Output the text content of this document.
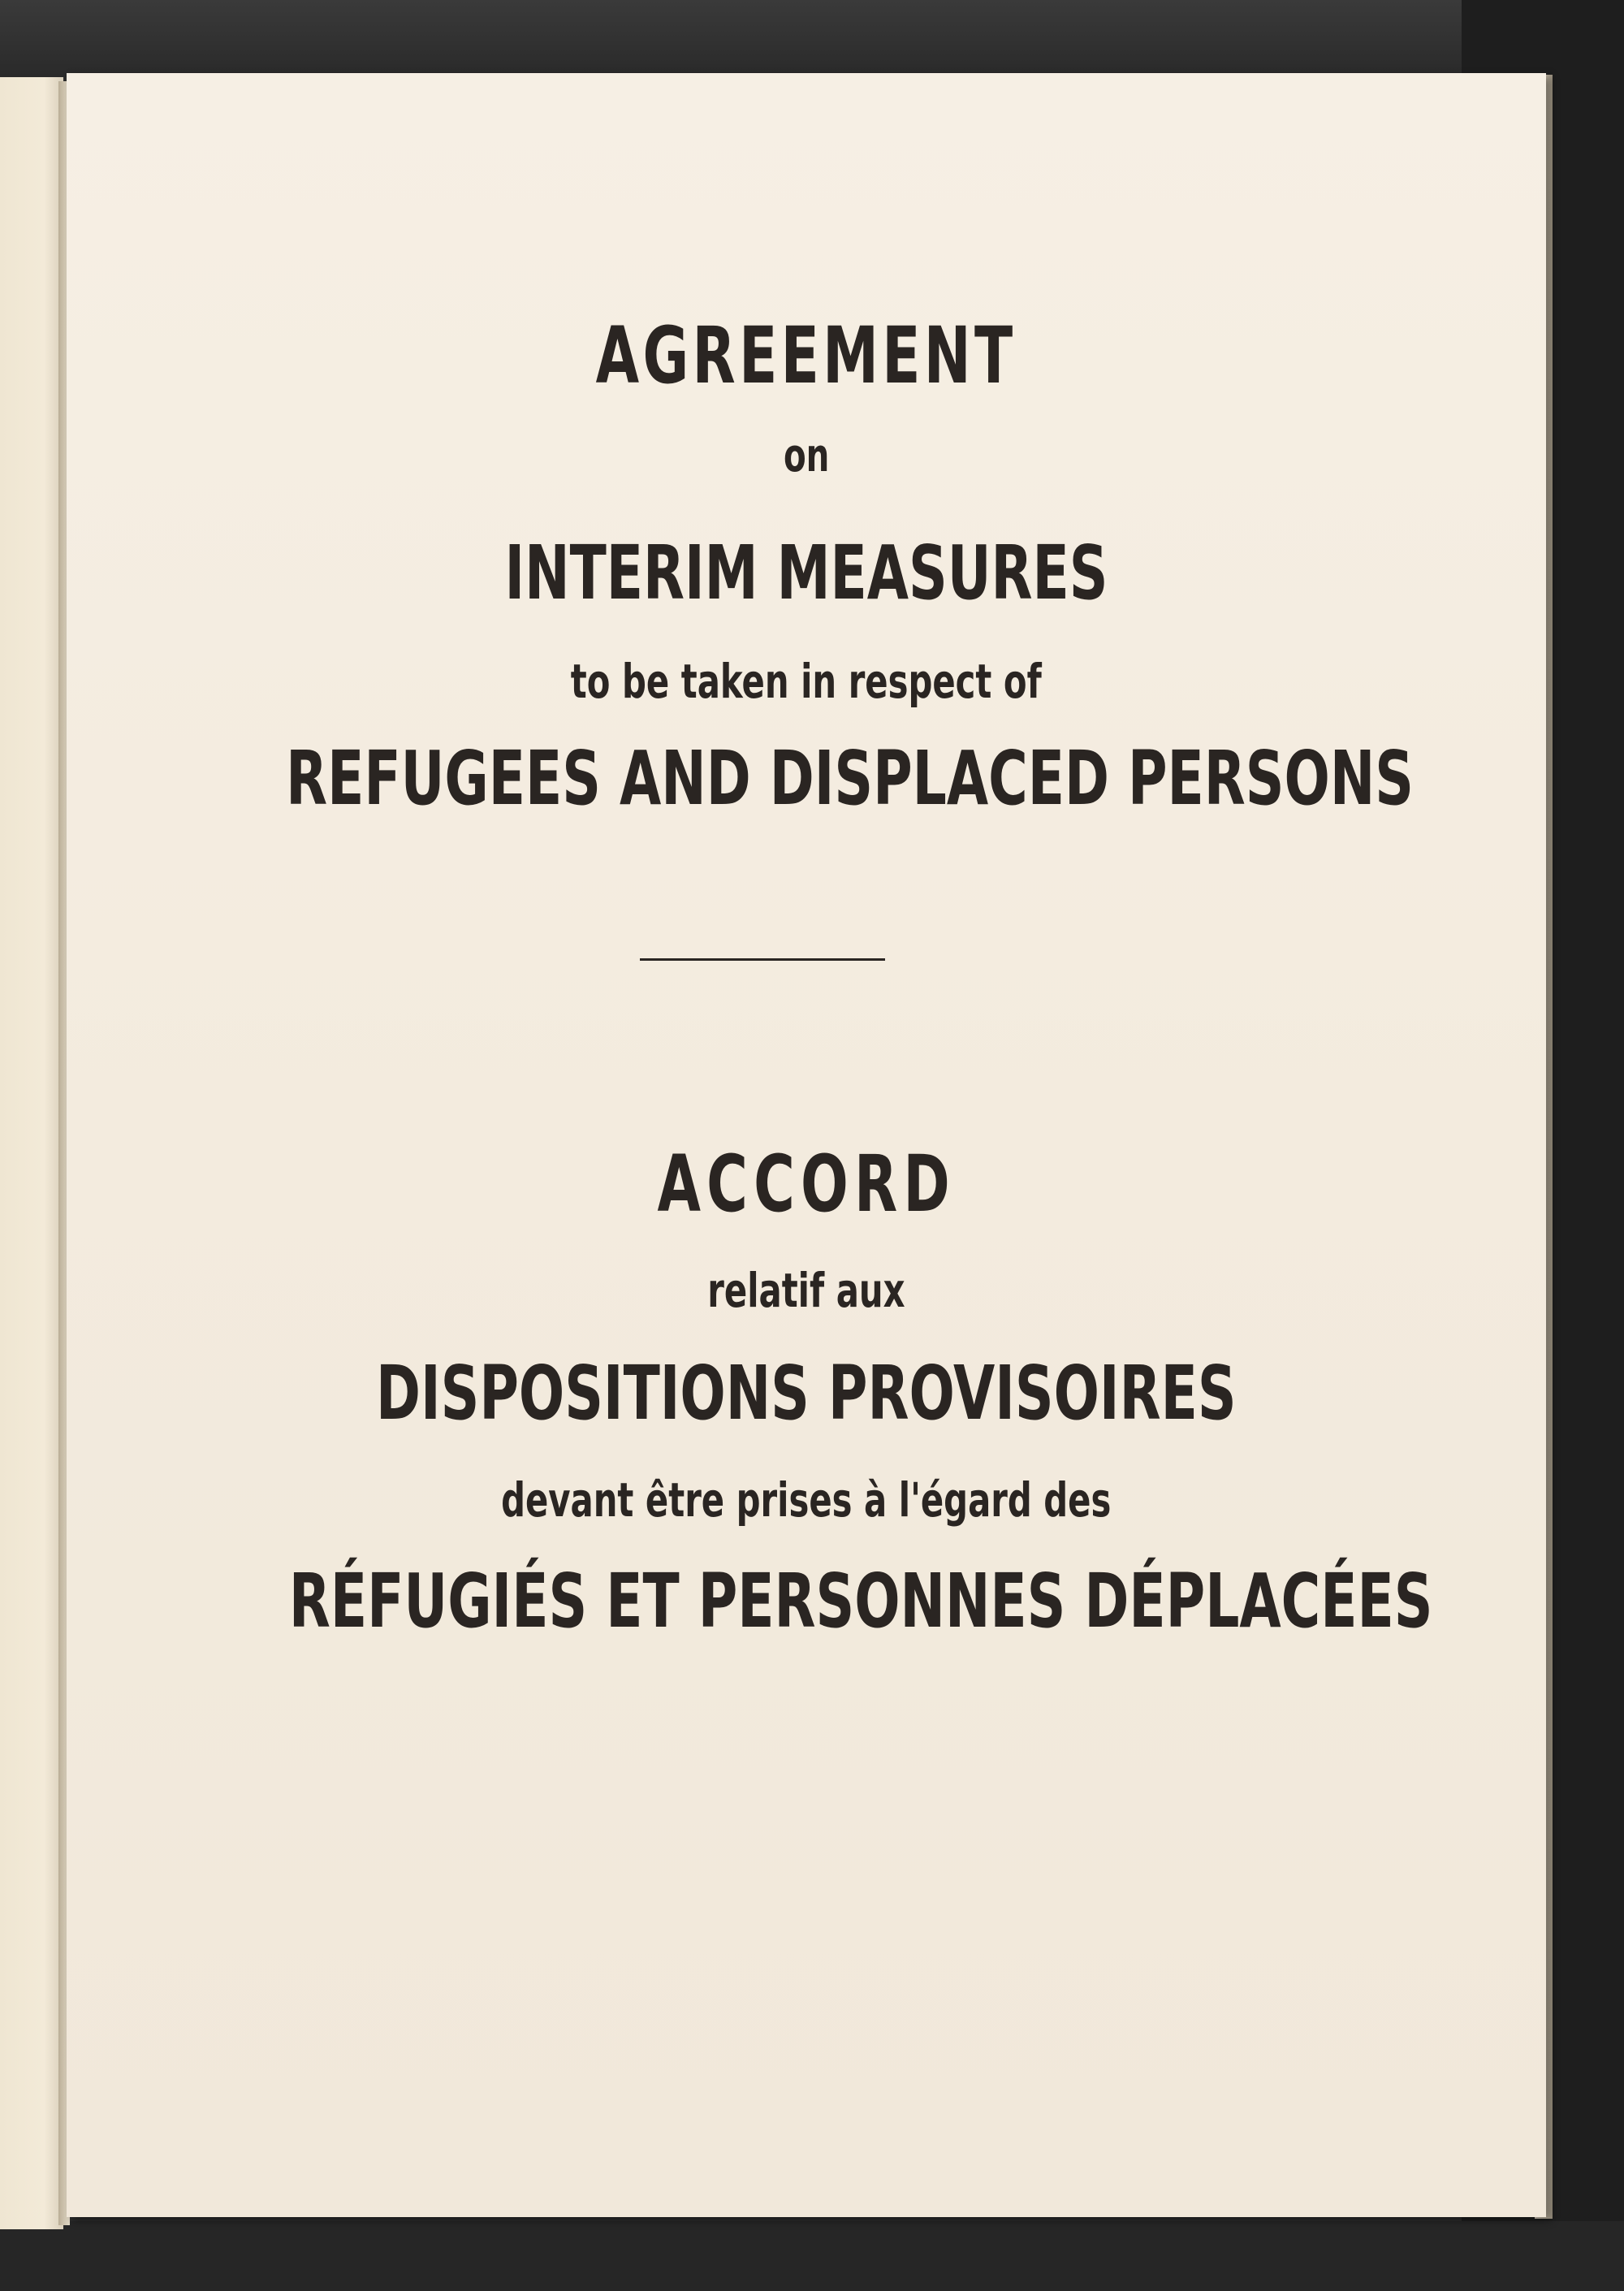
AGREEMENT
on
INTERIM MEASURES
to be taken in respect of
REFUGEES AND DISPLACED PERSONS
ACCORD
relatif aux
DISPOSITIONS PROVISOIRES
devant être prises à l'égard des
RÉFUGIÉS ET PERSONNES DÉPLACÉES
